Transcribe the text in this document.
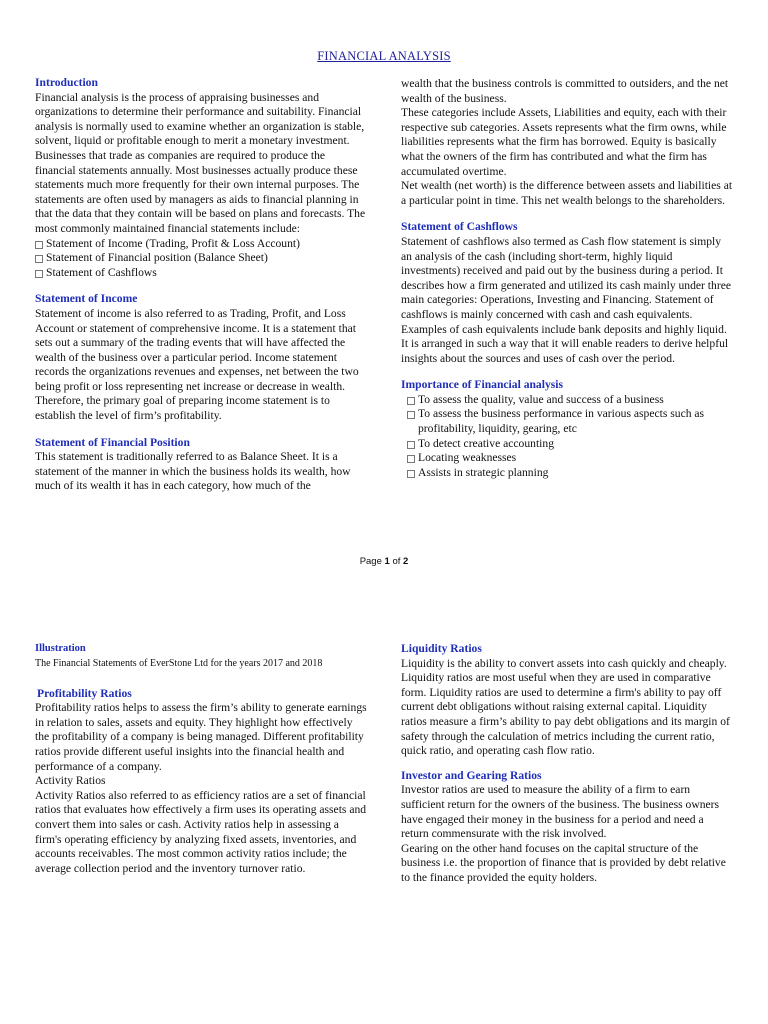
FINANCIAL ANALYSIS

Introduction

Financial analysis is the process of appraising businesses and organizations to determine their performance and suitability. Financial analysis is normally used to examine whether an organization is stable, solvent, liquid or profitable enough to merit a monetary investment.
Businesses that trade as companies are required to produce the financial statements annually. Most businesses actually produce these statements much more frequently for their own internal purposes. The statements are often used by managers as aids to financial planning in that the data that they contain will be based on plans and forecasts. The most commonly maintained financial statements include:

Statement of Income (Trading, Profit & Loss Account)
Statement of Financial position (Balance Sheet)
Statement of Cashflows

Statement of Income

Statement of income is also referred to as Trading, Profit, and Loss Account or statement of comprehensive income. It is a statement that sets out a summary of the trading events that will have affected the wealth of the business over a particular period. Income statement records the organizations revenues and expenses, net between the two being profit or loss representing net increase or decrease in wealth. Therefore, the primary goal of preparing income statement is to establish the level of firm’s profitability.

Statement of Financial Position

This statement is traditionally referred to as Balance Sheet. It is a statement of the manner in which the business holds its wealth, how much of its wealth it has in each category, how much of the

wealth that the business controls is committed to outsiders, and the net wealth of the business.
These categories include Assets, Liabilities and equity, each with their respective sub categories. Assets represents what the firm owns, while liabilities represents what the firm has borrowed. Equity is basically what the owners of the firm has contributed and what the firm has accumulated overtime.
Net wealth (net worth) is the difference between assets and liabilities at a particular point in time. This net wealth belongs to the shareholders.

Statement of Cashflows

Statement of cashflows also termed as Cash flow statement is simply an analysis of the cash (including short-term, highly liquid investments) received and paid out by the business during a period. It describes how a firm generated and utilized its cash mainly under three main categories: Operations, Investing and Financing. Statement of cashflows is mainly concerned with cash and cash equivalents. Examples of cash equivalents include bank deposits and highly liquid. It is arranged in such a way that it will enable readers to derive helpful insights about the sources and uses of cash over the period.

Importance of Financial analysis

To assess the quality, value and success of a business
To assess the business performance in various aspects such as profitability, liquidity, gearing, etc
To detect creative accounting
Locating weaknesses
Assists in strategic planning
Page 1 of 2

Illustration

The Financial Statements of EverStone Ltd for the years 2017 and 2018

Profitability Ratios

Profitability ratios helps to assess the firm’s ability to generate earnings in relation to sales, assets and equity. They highlight how effectively the profitability of a company is being managed. Different profitability ratios provide different useful insights into the financial health and performance of a company.
Activity Ratios
Activity Ratios also referred to as efficiency ratios are a set of financial ratios that evaluates how effectively a firm uses its operating assets and convert them into sales or cash. Activity ratios help in assessing a firm's operating efficiency by analyzing fixed assets, inventories, and accounts receivables. The most common activity ratios include; the average collection period and the inventory turnover ratio.

Liquidity Ratios

Liquidity is the ability to convert assets into cash quickly and cheaply. Liquidity ratios are most useful when they are used in comparative form. Liquidity ratios are used to determine a firm's ability to pay off current debt obligations without raising external capital. Liquidity ratios measure a firm’s ability to pay debt obligations and its margin of safety through the calculation of metrics including the current ratio, quick ratio, and operating cash flow ratio.

Investor and Gearing Ratios

Investor ratios are used to measure the ability of a firm to earn sufficient return for the owners of the business. The business owners have engaged their money in the business for a period and need a return commensurate with the risk involved.
Gearing on the other hand focuses on the capital structure of the business i.e. the proportion of finance that is provided by debt relative to the finance provided the equity holders.
